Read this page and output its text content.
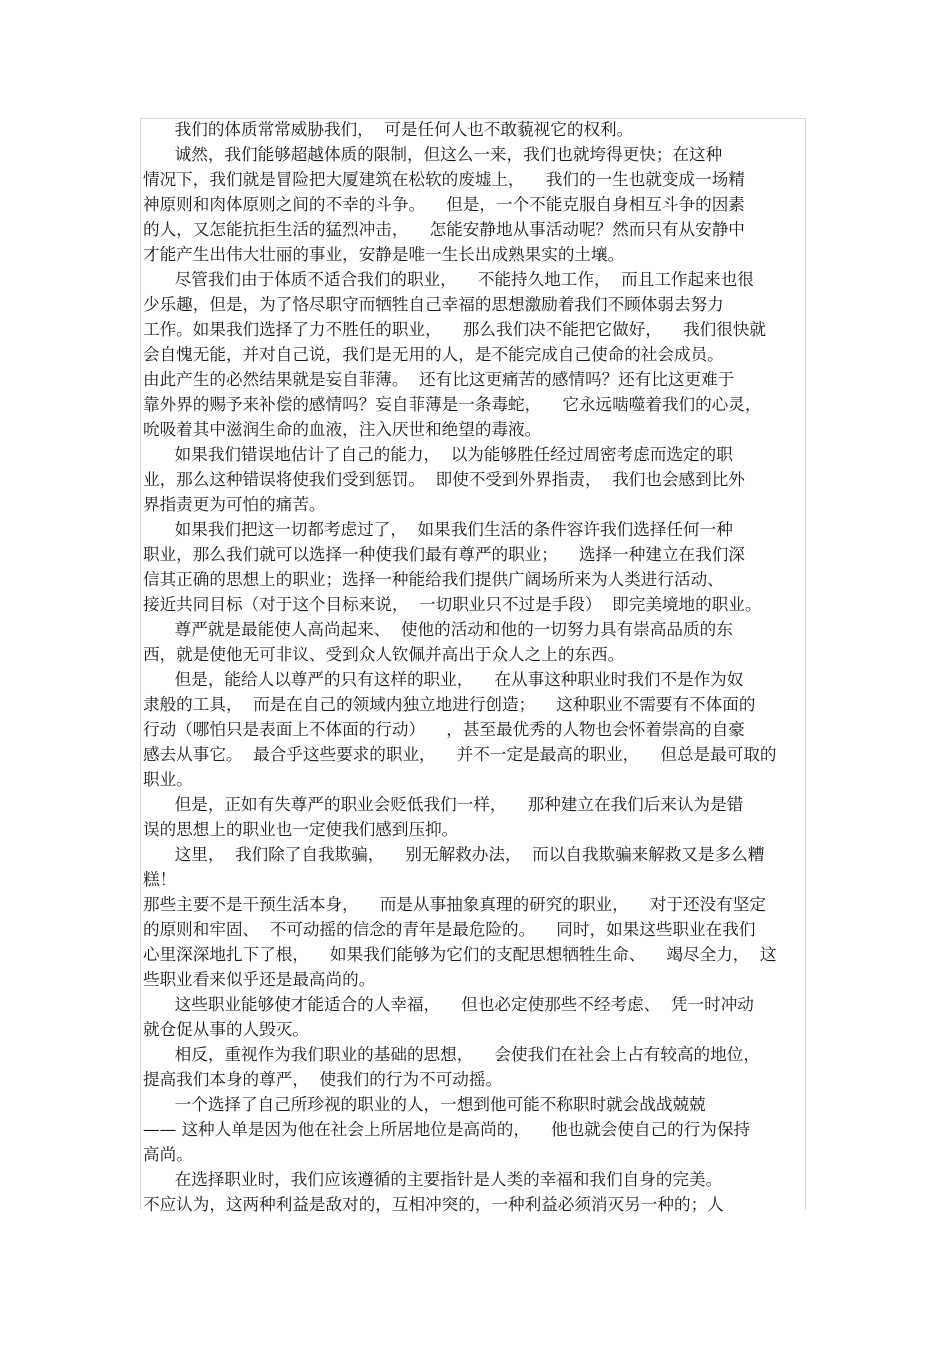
我们的体质常常威胁我们，  可是任何人也不敢藐视它的权利。
诚然，我们能够超越体质的限制，但这么一来，我们也就垮得更快；在这种
情况下，我们就是冒险把大厦建筑在松软的废墟上，    我们的一生也就变成一场精
神原则和肉体原则之间的不幸的斗争。    但是，一个不能克服自身相互斗争的因素
的人，又怎能抗拒生活的猛烈冲击，    怎能安静地从事活动呢？然而只有从安静中
才能产生出伟大壮丽的事业，安静是唯一生长出成熟果实的土壤。
尽管我们由于体质不适合我们的职业，    不能持久地工作，  而且工作起来也很
少乐趣，但是，为了恪尽职守而牺牲自己幸福的思想激励着我们不顾体弱去努力
工作。如果我们选择了力不胜任的职业，    那么我们决不能把它做好，    我们很快就
会自愧无能，并对自己说，我们是无用的人，是不能完成自己使命的社会成员。
由此产生的必然结果就是妄自菲薄。  还有比这更痛苦的感情吗？还有比这更难于
靠外界的赐予来补偿的感情吗？妄自菲薄是一条毒蛇，    它永远啮噬着我们的心灵，
吮吸着其中滋润生命的血液，注入厌世和绝望的毒液。
如果我们错误地估计了自己的能力，  以为能够胜任经过周密考虑而选定的职
业，那么这种错误将使我们受到惩罚。  即使不受到外界指责，  我们也会感到比外
界指责更为可怕的痛苦。
如果我们把这一切都考虑过了，  如果我们生活的条件容许我们选择任何一种
职业，那么我们就可以选择一种使我们最有尊严的职业；    选择一种建立在我们深
信其正确的思想上的职业；选择一种能给我们提供广阔场所来为人类进行活动、
接近共同目标（对于这个目标来说，  一切职业只不过是手段）  即完美境地的职业。
尊严就是最能使人高尚起来、  使他的活动和他的一切努力具有崇高品质的东
西，就是使他无可非议、受到众人钦佩并高出于众人之上的东西。
但是，能给人以尊严的只有这样的职业，    在从事这种职业时我们不是作为奴
隶般的工具，  而是在自己的领域内独立地进行创造；    这种职业不需要有不体面的
行动（哪怕只是表面上不体面的行动）    ，甚至最优秀的人物也会怀着崇高的自豪
感去从事它。  最合乎这些要求的职业，    并不一定是最高的职业，    但总是最可取的
职业。
但是，正如有失尊严的职业会贬低我们一样，    那种建立在我们后来认为是错
误的思想上的职业也一定使我们感到压抑。
这里，  我们除了自我欺骗，    别无解救办法，  而以自我欺骗来解救又是多么糟
糕！
那些主要不是干预生活本身，    而是从事抽象真理的研究的职业，    对于还没有坚定
的原则和牢固、  不可动摇的信念的青年是最危险的。    同时，如果这些职业在我们
心里深深地扎下了根，    如果我们能够为它们的支配思想牺牲生命、    竭尽全力，  这
些职业看来似乎还是最高尚的。
这些职业能够使才能适合的人幸福，    但也必定使那些不经考虑、  凭一时冲动
就仓促从事的人毁灭。
相反，重视作为我们职业的基础的思想，    会使我们在社会上占有较高的地位，
提高我们本身的尊严，  使我们的行为不可动摇。
一个选择了自己所珍视的职业的人，一想到他可能不称职时就会战战兢兢
—— 这种人单是因为他在社会上所居地位是高尚的，    他也就会使自己的行为保持
高尚。
在选择职业时，我们应该遵循的主要指针是人类的幸福和我们自身的完美。
不应认为，这两种利益是敌对的，互相冲突的，一种利益必须消灭另一种的；人
